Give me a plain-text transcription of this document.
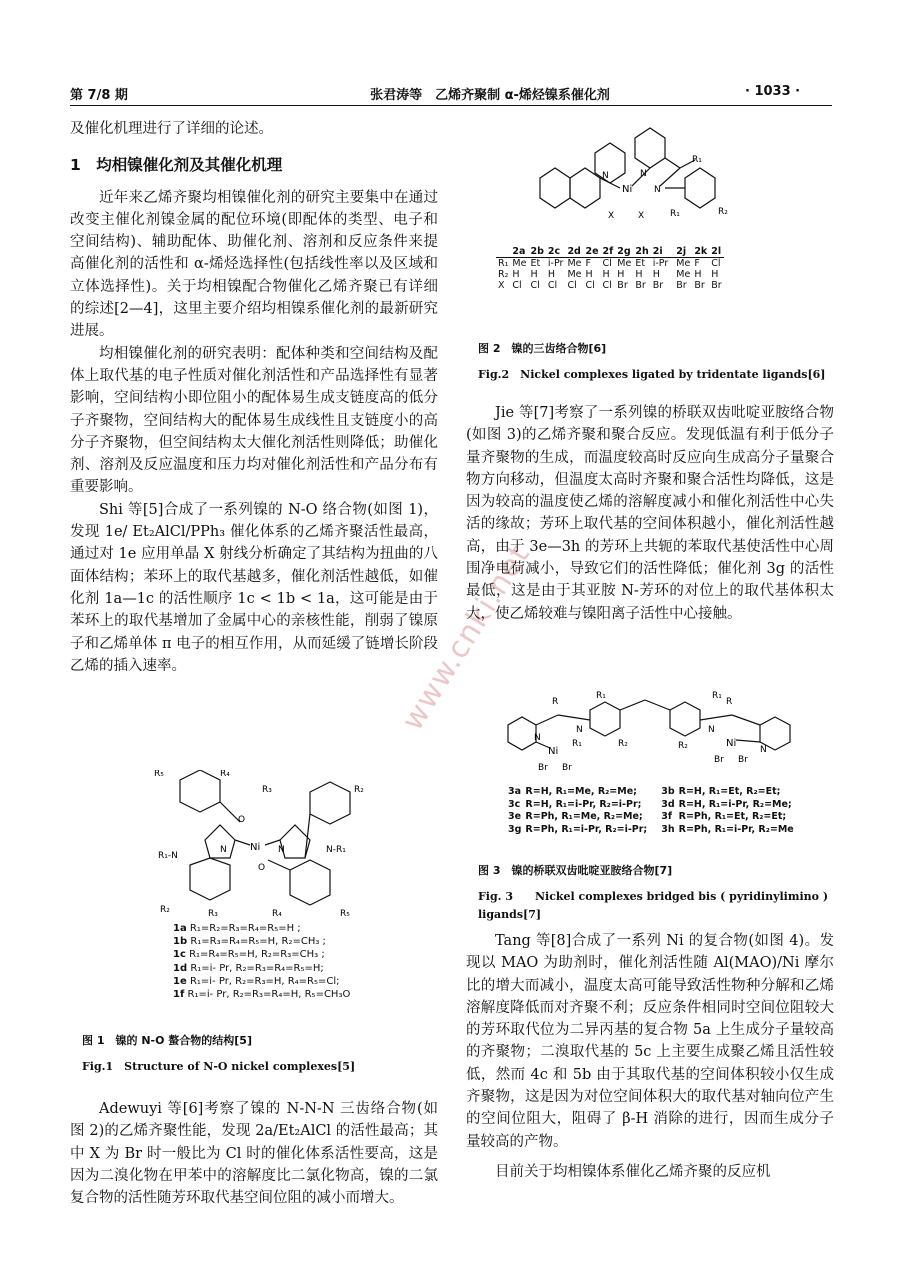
第 7/8 期	张君涛等　乙烯齐聚制 α-烯烃镍系催化剂	· 1033 ·

及催化机理进行了详细的论述。

1　均相镍催化剂及其催化机理

近年来乙烯齐聚均相镍催化剂的研究主要集中在通过改变主催化剂镍金属的配位环境(即配体的类型、电子和空间结构)、辅助配体、助催化剂、溶剂和反应条件来提高催化剂的活性和 α-烯烃选择性(包括线性率以及区域和立体选择性)。关于均相镍配合物催化乙烯齐聚已有详细的综述[2—4]，这里主要介绍均相镍系催化剂的最新研究进展。

均相镍催化剂的研究表明：配体种类和空间结构及配体上取代基的电子性质对催化剂活性和产品选择性有显著影响，空间结构小即位阻小的配体易生成支链度高的低分子齐聚物，空间结构大的配体易生成线性且支链度小的高分子齐聚物，但空间结构太大催化剂活性则降低；助催化剂、溶剂及反应温度和压力均对催化剂活性和产品分布有重要影响。

Shi 等[5]合成了一系列镍的 N-O 络合物(如图 1)，发现 1e/ Et₂AlCl/PPh₃ 催化体系的乙烯齐聚活性最高，通过对 1e 应用单晶 X 射线分析确定了其结构为扭曲的八面体结构；苯环上的取代基越多，催化剂活性越低，如催化剂 1a—1c 的活性顺序 1c < 1b < 1a，这可能是由于苯环上的取代基增加了金属中心的亲核性能，削弱了镍原子和乙烯单体 π 电子的相互作用，从而延缓了链增长阶段乙烯的插入速率。

Ni
O
O
N	N
R₁-N
N-R₁
R₅	R₄
R₃	R₂
R₂	R₃	R₄	R₅
1a R₁=R₂=R₃=R₄=R₅=H ;
1b R₁=R₃=R₄=R₅=H, R₂=CH₃ ;
1c R₁=R₄=R₅=H, R₂=R₃=CH₃ ;
1d R₁=i- Pr, R₂=R₃=R₄=R₅=H;
1e R₁=i- Pr, R₂=R₃=H, R₄=R₅=Cl;
1f R₁=i- Pr, R₂=R₃=R₄=H, R₅=CH₃O
图 1　镍的 N-O 螯合物的结构[5]
Fig.1　Structure of N-O nickel complexes[5]

Adewuyi 等[6]考察了镍的 N-N-N 三齿络合物(如图 2)的乙烯齐聚性能，发现 2a/Et₂AlCl 的活性最高；其中 X 为 Br 时一般比为 Cl 时的催化体系活性要高，这是因为二溴化物在甲苯中的溶解度比二氯化物高，镍的二氯复合物的活性随芳环取代基空间位阻的减小而增大。

Ni
N	N
N
X	X
R₁
R₂
R₁
	2a	2b	2c	2d	2e	2f	2g	2h	2i		2j	2k	2l
R₁	Me	Et	i-Pr	Me	F	Cl	Me	Et	i-Pr		Me	F	Cl
R₂	H	H	H	Me	H	H	H	H	H		Me	H	H
X	Cl	Cl	Cl	Cl	Cl	Cl	Br	Br	Br		Br	Br	Br
图 2　镍的三齿络合物[6]
Fig.2　Nickel complexes ligated by tridentate ligands[6]

Jie 等[7]考察了一系列镍的桥联双齿吡啶亚胺络合物(如图 3)的乙烯齐聚和聚合反应。发现低温有利于低分子量齐聚物的生成，而温度较高时反应向生成高分子量聚合物方向移动，但温度太高时齐聚和聚合活性均降低，这是因为较高的温度使乙烯的溶解度减小和催化剂活性中心失活的缘故；芳环上取代基的空间体积越小，催化剂活性越高，由于 3e—3h 的芳环上共轭的苯取代基使活性中心周围净电荷减小，导致它们的活性降低；催化剂 3g 的活性最低，这是由于其亚胺 N-芳环的对位上的取代基体积太大，使乙烯较难与镍阳离子活性中心接触。

Ni
Ni
N
N	N
N
Br Br
Br Br
R	R
R₁	R₁
R₁	R₂	R₂
3a	R=H, R₁=Me, R₂=Me;	3b	R=H, R₁=Et, R₂=Et;
3c	R=H, R₁=i-Pr, R₂=i-Pr;	3d	R=H, R₁=i-Pr, R₂=Me;
3e	R=Ph, R₁=Me, R₂=Me;	3f	R=Ph, R₁=Et, R₂=Et;
3g	R=Ph, R₁=i-Pr, R₂=i-Pr;	3h	R=Ph, R₁=i-Pr, R₂=Me
图 3　镍的桥联双齿吡啶亚胺络合物[7]
Fig. 3　　Nickel complexes bridged bis ( pyridinylimino )
ligands[7]

Tang 等[8]合成了一系列 Ni 的复合物(如图 4)。发现以 MAO 为助剂时，催化剂活性随 Al(MAO)/Ni 摩尔比的增大而减小，温度太高可能导致活性物种分解和乙烯溶解度降低而对齐聚不利；反应条件相同时空间位阻较大的芳环取代位为二异丙基的复合物 5a 上生成分子量较高的齐聚物；二溴取代基的 5c 上主要生成聚乙烯且活性较低，然而 4c 和 5b 由于其取代基的空间体积较小仅生成齐聚物，这是因为对位空间体积大的取代基对轴向位产生的空间位阻大，阻碍了 β-H 消除的进行，因而生成分子量较高的产物。

目前关于均相镍体系催化乙烯齐聚的反应机

www.cnki.net
